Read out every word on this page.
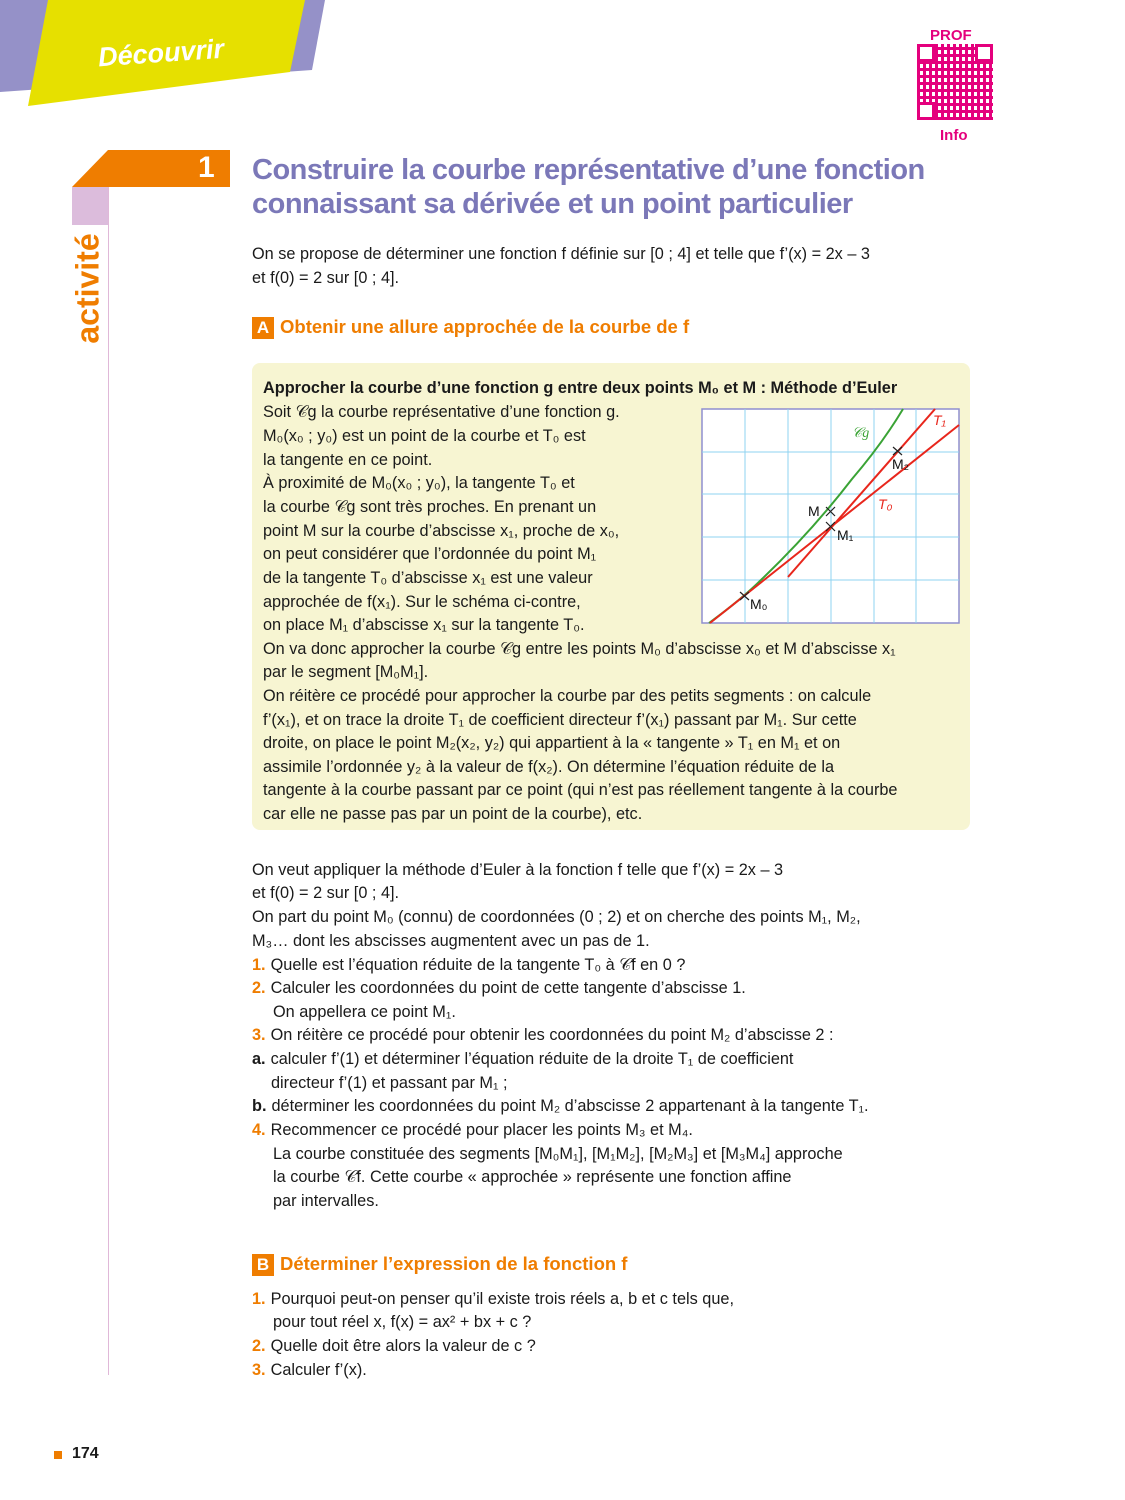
Découvrir	PROF
Info
1
activité
Construire la courbe représentative d’une fonction
connaissant sa dérivée et un point particulier
On se propose de déterminer une fonction f définie sur [0 ; 4] et telle que f’(x) = 2x – 3
et f(0) = 2 sur [0 ; 4].
A Obtenir une allure approchée de la courbe de f
Approcher la courbe d’une fonction g entre deux points M₀ et M : Méthode d’Euler
Soit 𝒞g la courbe représentative d’une fonction g.
M₀(x₀ ; y₀) est un point de la courbe et T₀ est
la tangente en ce point.
À proximité de M₀(x₀ ; y₀), la tangente T₀ et
la courbe 𝒞g sont très proches. En prenant un
point M sur la courbe d’abscisse x₁, proche de x₀,
on peut considérer que l’ordonnée du point M₁
de la tangente T₀ d’abscisse x₁ est une valeur
approchée de f(x₁). Sur le schéma ci-contre,
on place M₁ d’abscisse x₁ sur la tangente T₀.
On va donc approcher la courbe 𝒞g entre les points M₀ d’abscisse x₀ et M d’abscisse x₁
par le segment [M₀M₁].
On réitère ce procédé pour approcher la courbe par des petits segments : on calcule
f’(x₁), et on trace la droite T₁ de coefficient directeur f’(x₁) passant par M₁. Sur cette
droite, on place le point M₂(x₂, y₂) qui appartient à la « tangente » T₁ en M₁ et on
assimile l’ordonnée y₂ à la valeur de f(x₂). On détermine l’équation réduite de la
tangente à la courbe passant par ce point (qui n’est pas réellement tangente à la courbe
car elle ne passe pas par un point de la courbe), etc.
𝒞g
T₁
T₀
M
M₁
M₂
M₀
On veut appliquer la méthode d’Euler à la fonction f telle que f’(x) = 2x – 3
et f(0) = 2 sur [0 ; 4].
On part du point M₀ (connu) de coordonnées (0 ; 2) et on cherche des points M₁, M₂,
M₃… dont les abscisses augmentent avec un pas de 1.
1. Quelle est l’équation réduite de la tangente T₀ à 𝒞f en 0 ?
2. Calculer les coordonnées du point de cette tangente d’abscisse 1.
On appellera ce point M₁.
3. On réitère ce procédé pour obtenir les coordonnées du point M₂ d’abscisse 2 :
a. calculer f’(1) et déterminer l’équation réduite de la droite T₁ de coefficient
directeur f’(1) et passant par M₁ ;
b. déterminer les coordonnées du point M₂ d’abscisse 2 appartenant à la tangente T₁.
4. Recommencer ce procédé pour placer les points M₃ et M₄.
La courbe constituée des segments [M₀M₁], [M₁M₂], [M₂M₃] et [M₃M₄] approche
la courbe 𝒞f. Cette courbe « approchée » représente une fonction affine
par intervalles.
B Déterminer l’expression de la fonction f
1. Pourquoi peut-on penser qu’il existe trois réels a, b et c tels que,
pour tout réel x, f(x) = ax² + bx + c ?
2. Quelle doit être alors la valeur de c ?
3. Calculer f’(x).
174
